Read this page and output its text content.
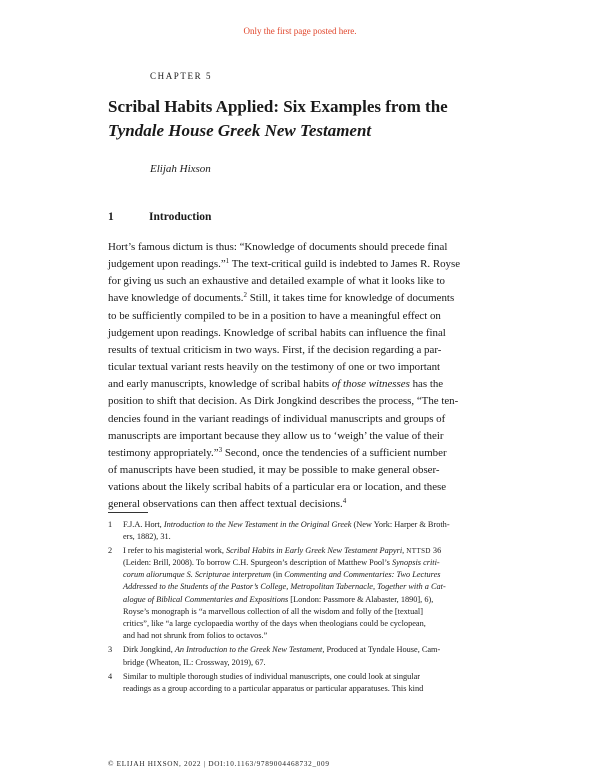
Only the first page posted here.
CHAPTER 5
Scribal Habits Applied: Six Examples from the
Tyndale House Greek New Testament
Elijah Hixson
1	Introduction
Hort’s famous dictum is thus: “Knowledge of documents should precede final
judgement upon readings.”$^1$ The text-critical guild is indebted to James R. Royse
for giving us such an exhaustive and detailed example of what it looks like to
have knowledge of documents.$^2$ Still, it takes time for knowledge of documents
to be sufficiently compiled to be in a position to have a meaningful effect on
judgement upon readings. Knowledge of scribal habits can influence the final
results of textual criticism in two ways. First, if the decision regarding a par-
ticular textual variant rests heavily on the testimony of one or two important
and early manuscripts, knowledge of scribal habits of those witnesses has the
position to shift that decision. As Dirk Jongkind describes the process, “The ten-
dencies found in the variant readings of individual manuscripts and groups of
manuscripts are important because they allow us to ‘weigh’ the value of their
testimony appropriately.”$^3$ Second, once the tendencies of a sufficient number
of manuscripts have been studied, it may be possible to make general obser-
vations about the likely scribal habits of a particular era or location, and these
general observations can then affect textual decisions.$^4$
1 F.J.A. Hort, Introduction to the New Testament in the Original Greek (New York: Harper & Broth-
ers, 1882), 31.
2 I refer to his magisterial work, Scribal Habits in Early Greek New Testament Papyri, NTTSD 36
(Leiden: Brill, 2008). To borrow C.H. Spurgeon’s description of Matthew Pool’s Synopsis criti-
corum aliorumque S. Scripturae interpretum (in Commenting and Commentaries: Two Lectures
Addressed to the Students of the Pastor’s College, Metropolitan Tabernacle, Together with a Cat-
alogue of Biblical Commentaries and Expositions [London: Passmore & Alabaster, 1890], 6),
Royse’s monograph is “a marvellous collection of all the wisdom and folly of the [textual]
critics”, like “a large cyclopaedia worthy of the days when theologians could be cyclopean,
and had not shrunk from folios to octavos.”
3 Dirk Jongkind, An Introduction to the Greek New Testament, Produced at Tyndale House, Cam-
bridge (Wheaton, IL: Crossway, 2019), 67.
4 Similar to multiple thorough studies of individual manuscripts, one could look at singular
readings as a group according to a particular apparatus or particular apparatuses. This kind
© ELIJAH HIXSON, 2022 | DOI:10.1163/9789004468732_009
